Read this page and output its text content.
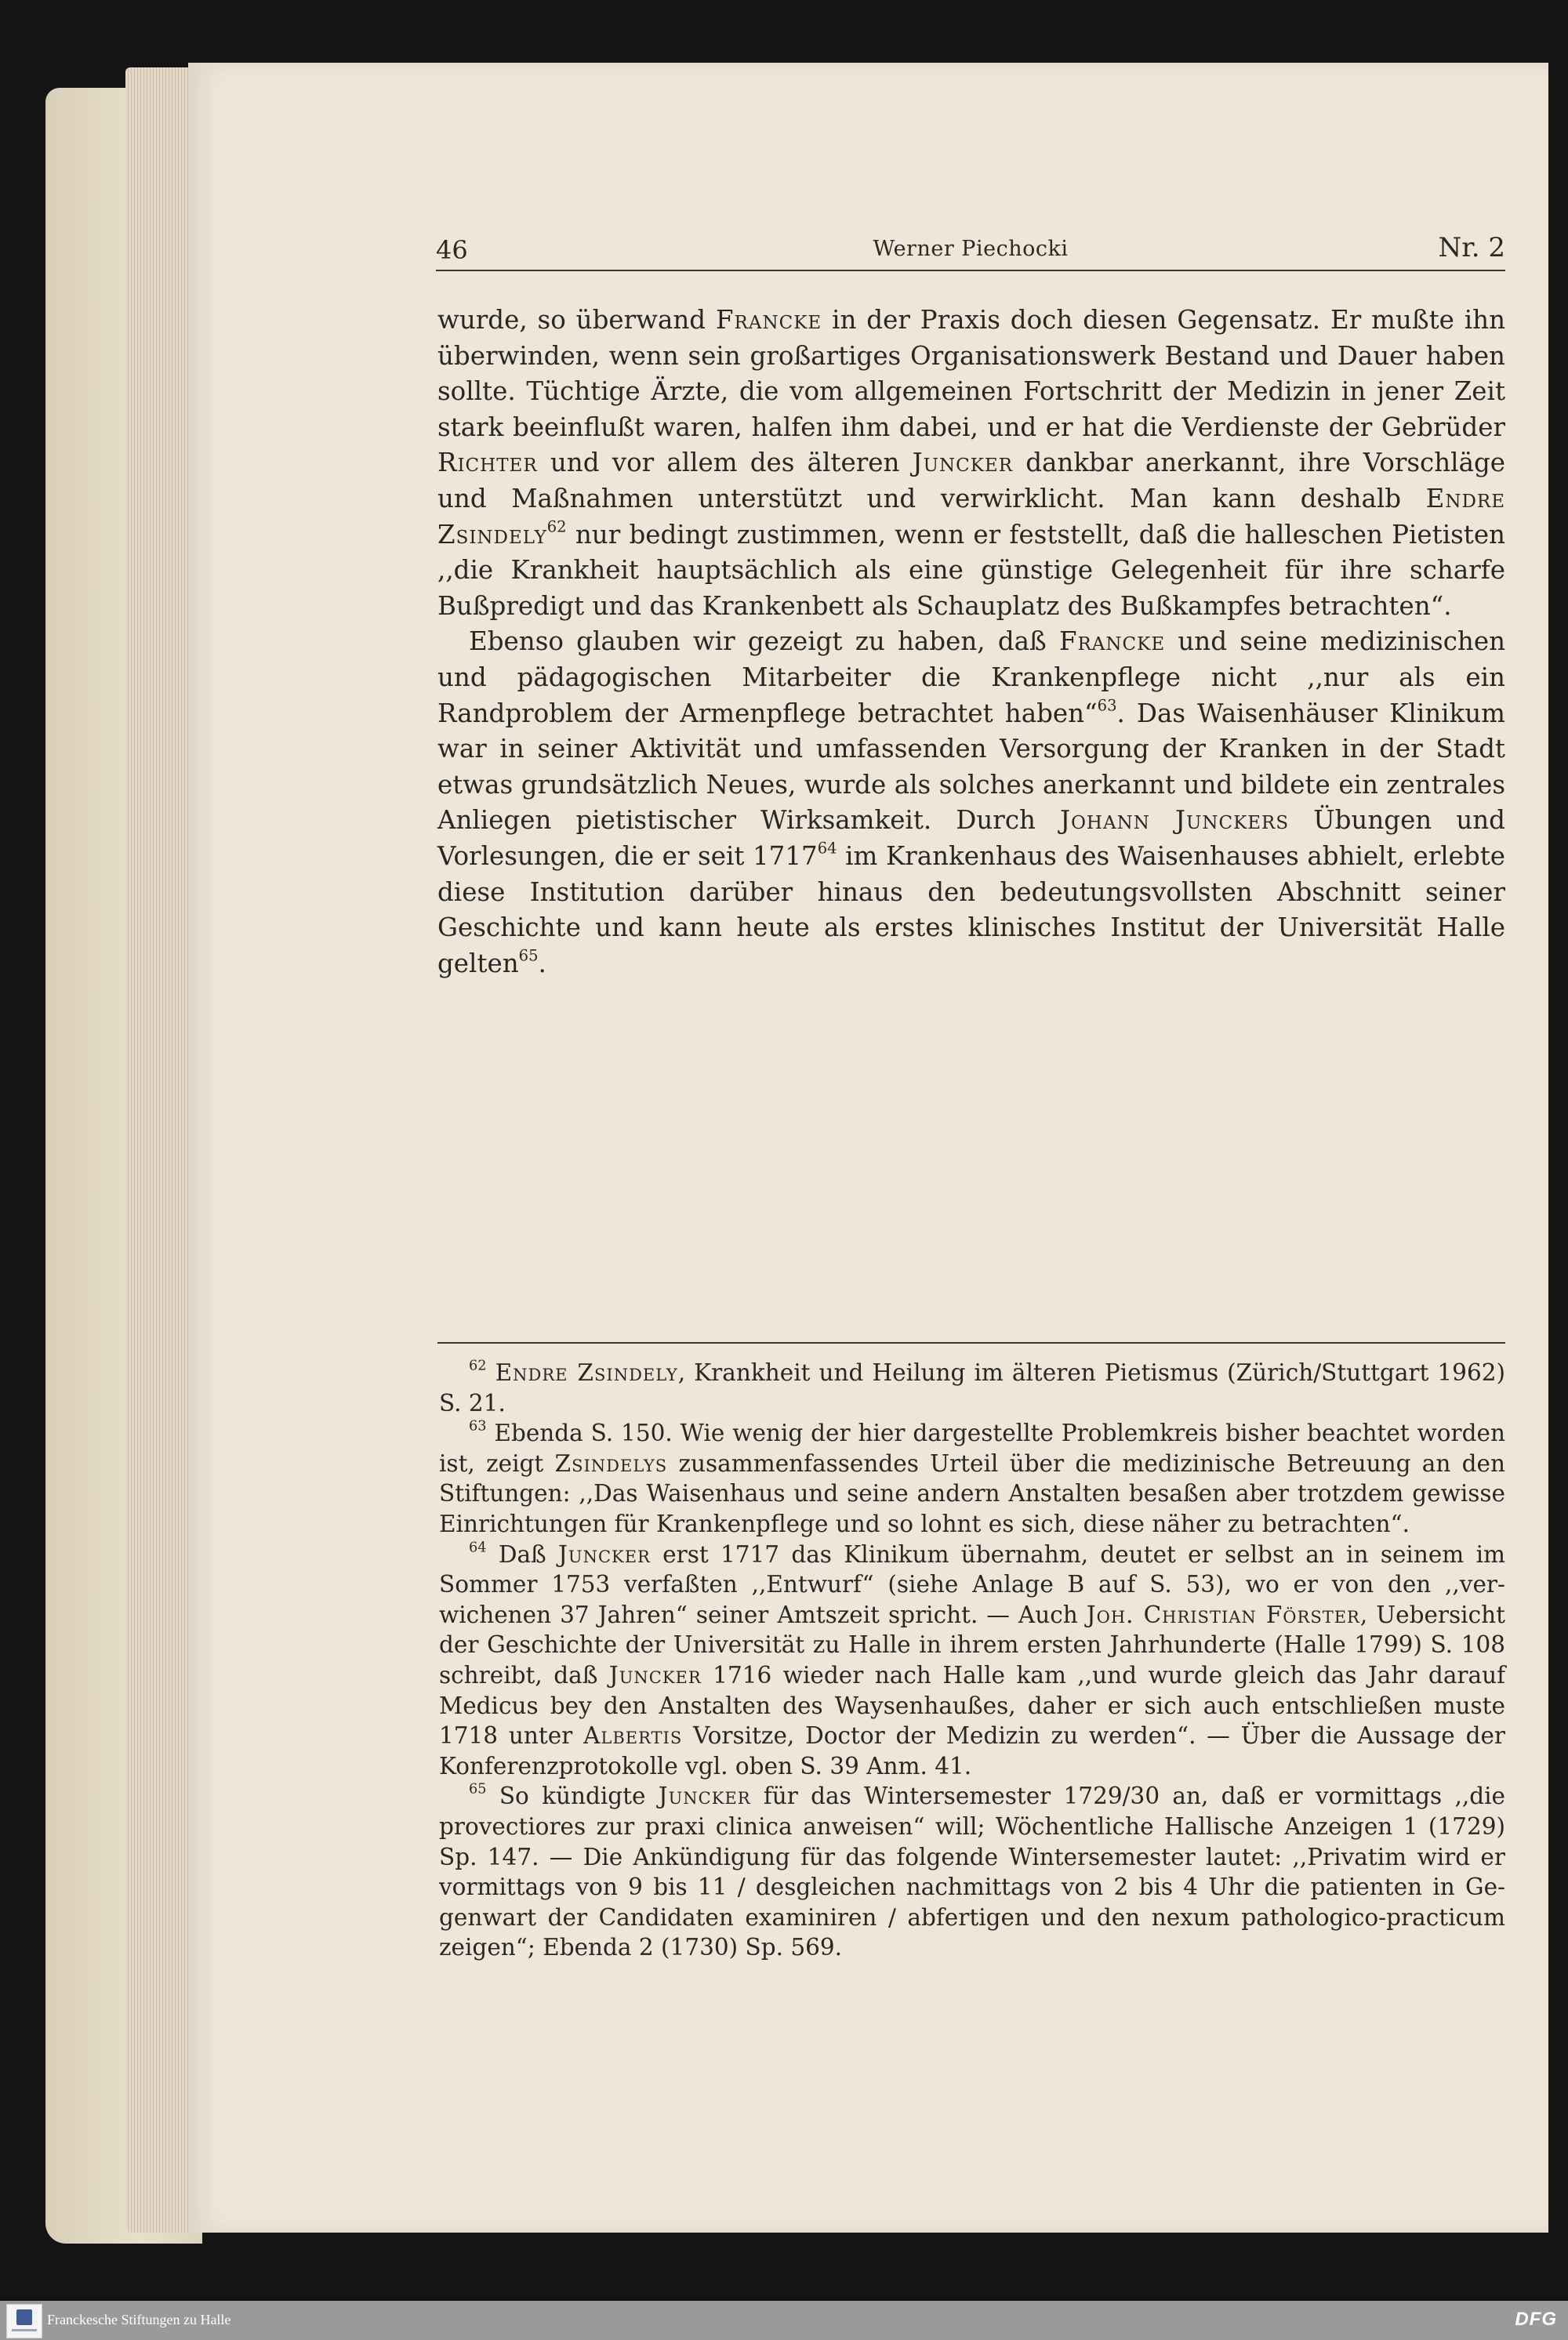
46	Werner Piechocki	Nr. 2

wurde, so überwand Francke in der Praxis doch diesen Gegensatz. Er mußte ihn überwinden, wenn sein großartiges Organisationswerk Bestand und Dauer haben sollte. Tüchtige Ärzte, die vom allgemeinen Fortschritt der Medizin in jener Zeit stark beeinflußt waren, halfen ihm dabei, und er hat die Verdienste der Gebrüder Richter und vor allem des älteren Juncker dankbar anerkannt, ihre Vorschläge und Maßnahmen unterstützt und verwirklicht. Man kann deshalb Endre Zsindely$^{62}$ nur bedingt zustimmen, wenn er feststellt, daß die halleschen Pietisten ,,die Krankheit hauptsächlich als eine günstige Gelegenheit für ihre scharfe Bußpredigt und das Krankenbett als Schauplatz des Bußkampfes betrachten“.

Ebenso glauben wir gezeigt zu haben, daß Francke und seine medizinischen und pädagogischen Mitarbeiter die Krankenpflege nicht ,,nur als ein Randproblem der Armenpflege betrachtet haben“$^{63}$. Das Waisenhäuser Klinikum war in seiner Aktivität und umfassenden Versorgung der Kranken in der Stadt etwas grundsätzlich Neues, wurde als solches anerkannt und bildete ein zentrales Anliegen pietistischer Wirksamkeit. Durch Johann Junckers Übungen und Vorlesungen, die er seit 1717$^{64}$ im Krankenhaus des Waisenhauses abhielt, erlebte diese Institution darüber hinaus den bedeutungsvollsten Abschnitt seiner Geschichte und kann heute als erstes klinisches Institut der Universität Halle gelten$^{65}$.

$^{62}$ Endre Zsindely, Krankheit und Heilung im älteren Pietismus (Zürich/Stuttgart 1962) S. 21.

$^{63}$ Ebenda S. 150. Wie wenig der hier dargestellte Problemkreis bisher beachtet worden ist, zeigt Zsindelys zusammenfassendes Urteil über die medizinische Betreuung an den Stiftungen: ,,Das Waisenhaus und seine andern Anstalten besaßen aber trotzdem gewisse Einrichtungen für Krankenpflege und so lohnt es sich, diese näher zu betrachten“.

$^{64}$ Daß Juncker erst 1717 das Klinikum übernahm, deutet er selbst an in seinem im Sommer 1753 verfaßten ,,Entwurf“ (siehe Anlage B auf S. 53), wo er von den ,,verwichenen 37 Jahren“ seiner Amtszeit spricht. — Auch Joh. Christian Förster, Uebersicht der Geschichte der Universität zu Halle in ihrem ersten Jahrhunderte (Halle 1799) S. 108 schreibt, daß Juncker 1716 wieder nach Halle kam ,,und wurde gleich das Jahr darauf Medicus bey den Anstalten des Waysenhaußes, daher er sich auch entschließen muste 1718 unter Albertis Vorsitze, Doctor der Medizin zu werden“. — Über die Aussage der Konferenzprotokolle vgl. oben S. 39 Anm. 41.

$^{65}$ So kündigte Juncker für das Wintersemester 1729/30 an, daß er vormittags ,,die provectiores zur praxi clinica anweisen“ will; Wöchentliche Hallische Anzeigen 1 (1729) Sp. 147. — Die Ankündigung für das folgende Wintersemester lautet: ,,Privatim wird er vormittags von 9 bis 11 / desgleichen nachmittags von 2 bis 4 Uhr die patienten in Gegenwart der Candidaten examiniren / abfertigen und den nexum pathologico-practicum zeigen“; Ebenda 2 (1730) Sp. 569.

Franckesche Stiftungen zu Halle	DFG
